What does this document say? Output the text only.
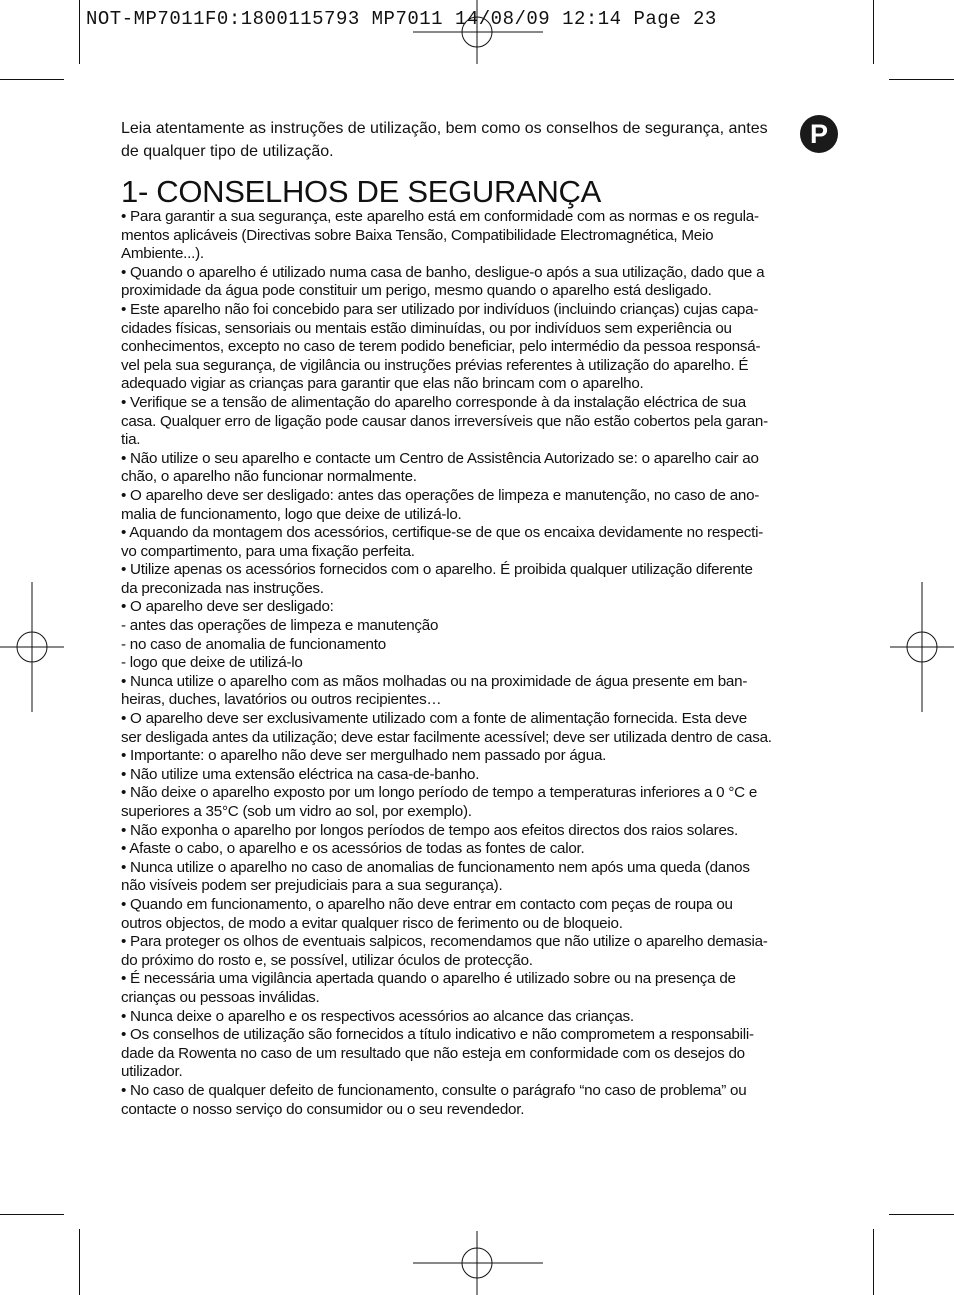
NOT-MP7011F0:1800115793 MP7011 14/08/09 12:14 Page 23
Leia atentamente as instruções de utilização, bem como os conselhos de segurança, antes de qualquer tipo de utilização.
P
1- CONSELHOS DE SEGURANÇA

• Para garantir a sua segurança, este aparelho está em conformidade com as normas e os regula-

mentos aplicáveis (Directivas sobre Baixa Tensão, Compatibilidade Electromagnética, Meio

Ambiente...).

• Quando o aparelho é utilizado numa casa de banho, desligue-o após a sua utilização, dado que a

proximidade da água pode constituir um perigo, mesmo quando o aparelho está desligado.

• Este aparelho não foi concebido para ser utilizado por indivíduos (incluindo crianças) cujas capa-

cidades físicas, sensoriais ou mentais estão diminuídas, ou por indivíduos sem experiência ou

conhecimentos, excepto no caso de terem podido beneficiar, pelo intermédio da pessoa responsá-

vel pela sua segurança, de vigilância ou instruções prévias referentes à utilização do aparelho. É

adequado vigiar as crianças para garantir que elas não brincam com o aparelho.

• Verifique se a tensão de alimentação do aparelho corresponde à da instalação eléctrica de sua

casa. Qualquer erro de ligação pode causar danos irreversíveis que não estão cobertos pela garan-

tia.

• Não utilize o seu aparelho e contacte um Centro de Assistência Autorizado se: o aparelho cair ao

chão, o aparelho não funcionar normalmente.

• O aparelho deve ser desligado: antes das operações de limpeza e manutenção, no caso de ano-

malia de funcionamento, logo que deixe de utilizá-lo.

• Aquando da montagem dos acessórios, certifique-se de que os encaixa devidamente no respecti-

vo compartimento, para uma fixação perfeita.

• Utilize apenas os acessórios fornecidos com o aparelho. É proibida qualquer utilização diferente

da preconizada nas instruções.

• O aparelho deve ser desligado:

- antes das operações de limpeza e manutenção

- no caso de anomalia de funcionamento

- logo que deixe de utilizá-lo

• Nunca utilize o aparelho com as mãos molhadas ou na proximidade de água presente em ban-

heiras, duches, lavatórios ou outros recipientes…

• O aparelho deve ser exclusivamente utilizado com a fonte de alimentação fornecida. Esta deve

ser desligada antes da utilização; deve estar facilmente acessível; deve ser utilizada dentro de casa.

• Importante: o aparelho não deve ser mergulhado nem passado por água.

• Não utilize uma extensão eléctrica na casa-de-banho.

• Não deixe o aparelho exposto por um longo período de tempo a temperaturas inferiores a 0 °C e

superiores a 35°C (sob um vidro ao sol, por exemplo).

• Não exponha o aparelho por longos períodos de tempo aos efeitos directos dos raios solares.

• Afaste o cabo, o aparelho e os acessórios de todas as fontes de calor.

• Nunca utilize o aparelho no caso de anomalias de funcionamento nem após uma queda (danos

não visíveis podem ser prejudiciais para a sua segurança).

• Quando em funcionamento, o aparelho não deve entrar em contacto com peças de roupa ou

outros objectos, de modo a evitar qualquer risco de ferimento ou de bloqueio.

• Para proteger os olhos de eventuais salpicos, recomendamos que não utilize o aparelho demasia-

do próximo do rosto e, se possível, utilizar óculos de protecção.

• É necessária uma vigilância apertada quando o aparelho é utilizado sobre ou na presença de

crianças ou pessoas inválidas.

• Nunca deixe o aparelho e os respectivos acessórios ao alcance das crianças.

• Os conselhos de utilização são fornecidos a título indicativo e não comprometem a responsabili-

dade da Rowenta no caso de um resultado que não esteja em conformidade com os desejos do

utilizador.

• No caso de qualquer defeito de funcionamento, consulte o parágrafo “no caso de problema” ou

contacte o nosso serviço do consumidor ou o seu revendedor.
